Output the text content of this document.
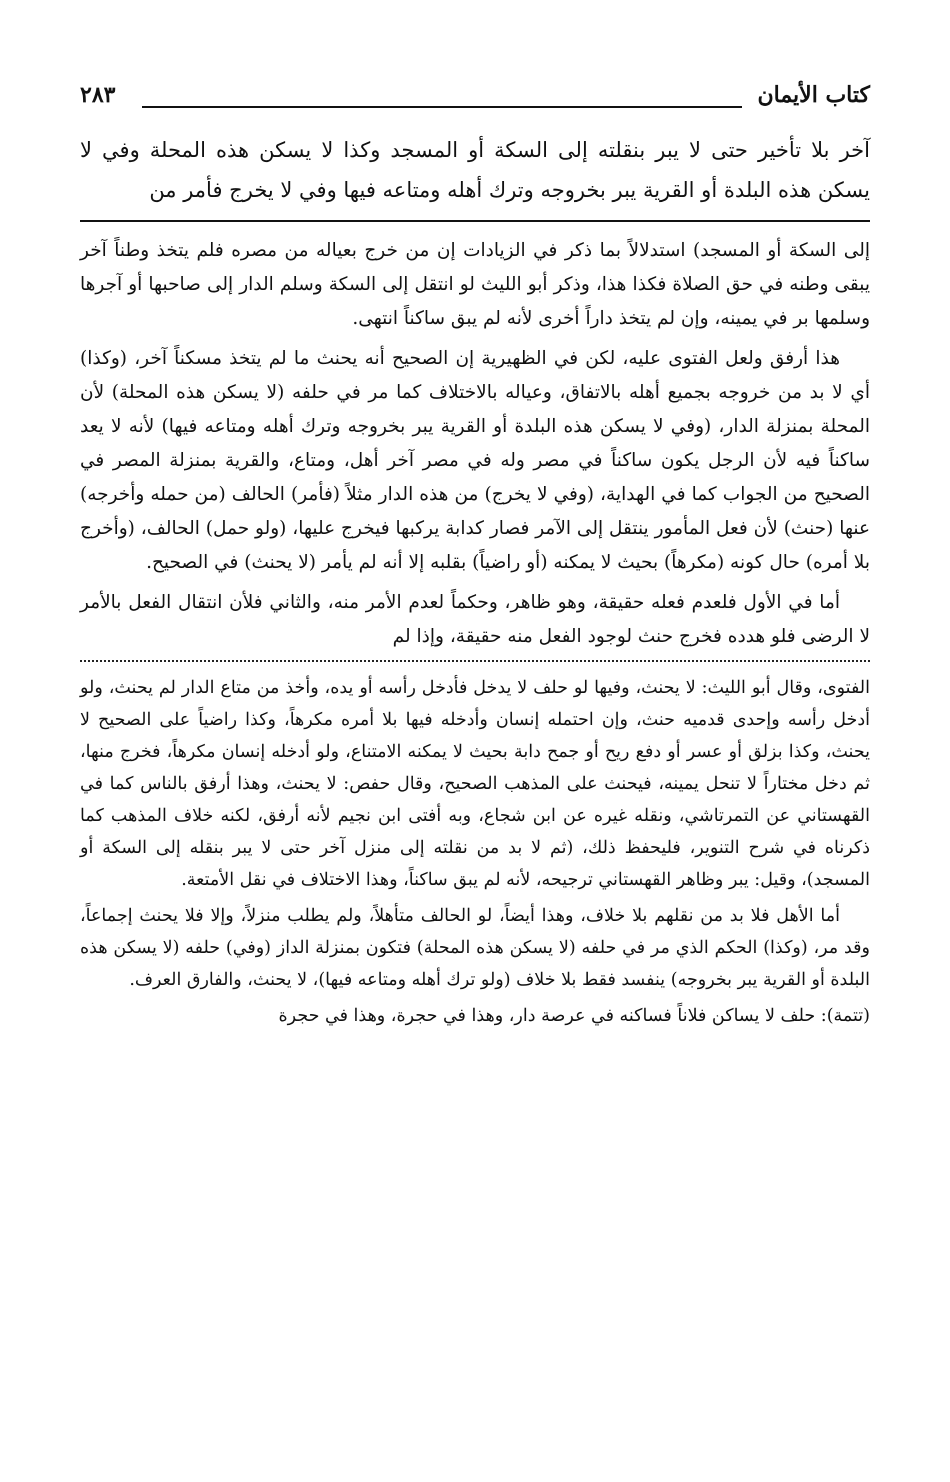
كتاب الأيمان
٢٨٣
آخر بلا تأخير حتى لا يبر بنقلته إلى السكة أو المسجد وكذا لا يسكن هذه المحلة وفي لا يسكن هذه البلدة أو القرية يبر بخروجه وترك أهله ومتاعه فيها وفي لا يخرج فأمر من

إلى السكة أو المسجد) استدلالاً بما ذكر في الزيادات إن من خرج بعياله من مصره فلم يتخذ وطناً آخر يبقى وطنه في حق الصلاة فكذا هذا، وذكر أبو الليث لو انتقل إلى السكة وسلم الدار إلى صاحبها أو آجرها وسلمها بر في يمينه، وإن لم يتخذ داراً أخرى لأنه لم يبق ساكناً انتهى.

هذا أرفق ولعل الفتوى عليه، لكن في الظهيرية إن الصحيح أنه يحنث ما لم يتخذ مسكناً آخر، (وكذا) أي لا بد من خروجه بجميع أهله بالاتفاق، وعياله بالاختلاف كما مر في حلفه (لا يسكن هذه المحلة) لأن المحلة بمنزلة الدار، (وفي لا يسكن هذه البلدة أو القرية يبر بخروجه وترك أهله ومتاعه فيها) لأنه لا يعد ساكناً فيه لأن الرجل يكون ساكناً في مصر وله في مصر آخر أهل، ومتاع، والقرية بمنزلة المصر في الصحيح من الجواب كما في الهداية، (وفي لا يخرج) من هذه الدار مثلاً (فأمر) الحالف (من حمله وأخرجه) عنها (حنث) لأن فعل المأمور ينتقل إلى الآمر فصار كدابة يركبها فيخرج عليها، (ولو حمل) الحالف، (وأخرج بلا أمره) حال كونه (مكرهاً) بحيث لا يمكنه (أو راضياً) بقلبه إلا أنه لم يأمر (لا يحنث) في الصحيح.

أما في الأول فلعدم فعله حقيقة، وهو ظاهر، وحكماً لعدم الأمر منه، والثاني فلأن انتقال الفعل بالأمر لا الرضى فلو هدده فخرج حنث لوجود الفعل منه حقيقة، وإذا لم

الفتوى، وقال أبو الليث: لا يحنث، وفيها لو حلف لا يدخل فأدخل رأسه أو يده، وأخذ من متاع الدار لم يحنث، ولو أدخل رأسه وإحدى قدميه حنث، وإن احتمله إنسان وأدخله فيها بلا أمره مكرهاً، وكذا راضياً على الصحيح لا يحنث، وكذا بزلق أو عسر أو دفع ريح أو جمح دابة بحيث لا يمكنه الامتناع، ولو أدخله إنسان مكرهاً، فخرج منها، ثم دخل مختاراً لا تنحل يمينه، فيحنث على المذهب الصحيح، وقال حفص: لا يحنث، وهذا أرفق بالناس كما في القهستاني عن التمرتاشي، ونقله غيره عن ابن شجاع، وبه أفتى ابن نجيم لأنه أرفق، لكنه خلاف المذهب كما ذكرناه في شرح التنوير، فليحفظ ذلك، (ثم لا بد من نقلته إلى منزل آخر حتى لا يبر بنقله إلى السكة أو المسجد)، وقيل: يبر وظاهر القهستاني ترجيحه، لأنه لم يبق ساكناً، وهذا الاختلاف في نقل الأمتعة.

أما الأهل فلا بد من نقلهم بلا خلاف، وهذا أيضاً، لو الحالف متأهلاً، ولم يطلب منزلاً، وإلا فلا يحنث إجماعاً، وقد مر، (وكذا) الحكم الذي مر في حلفه (لا يسكن هذه المحلة) فتكون بمنزلة الداز (وفي) حلفه (لا يسكن هذه البلدة أو القرية يبر بخروجه) ينفسد فقط بلا خلاف (ولو ترك أهله ومتاعه فيها)، لا يحنث، والفارق العرف.

(تتمة): حلف لا يساكن فلاناً فساكنه في عرصة دار، وهذا في حجرة، وهذا في حجرة
